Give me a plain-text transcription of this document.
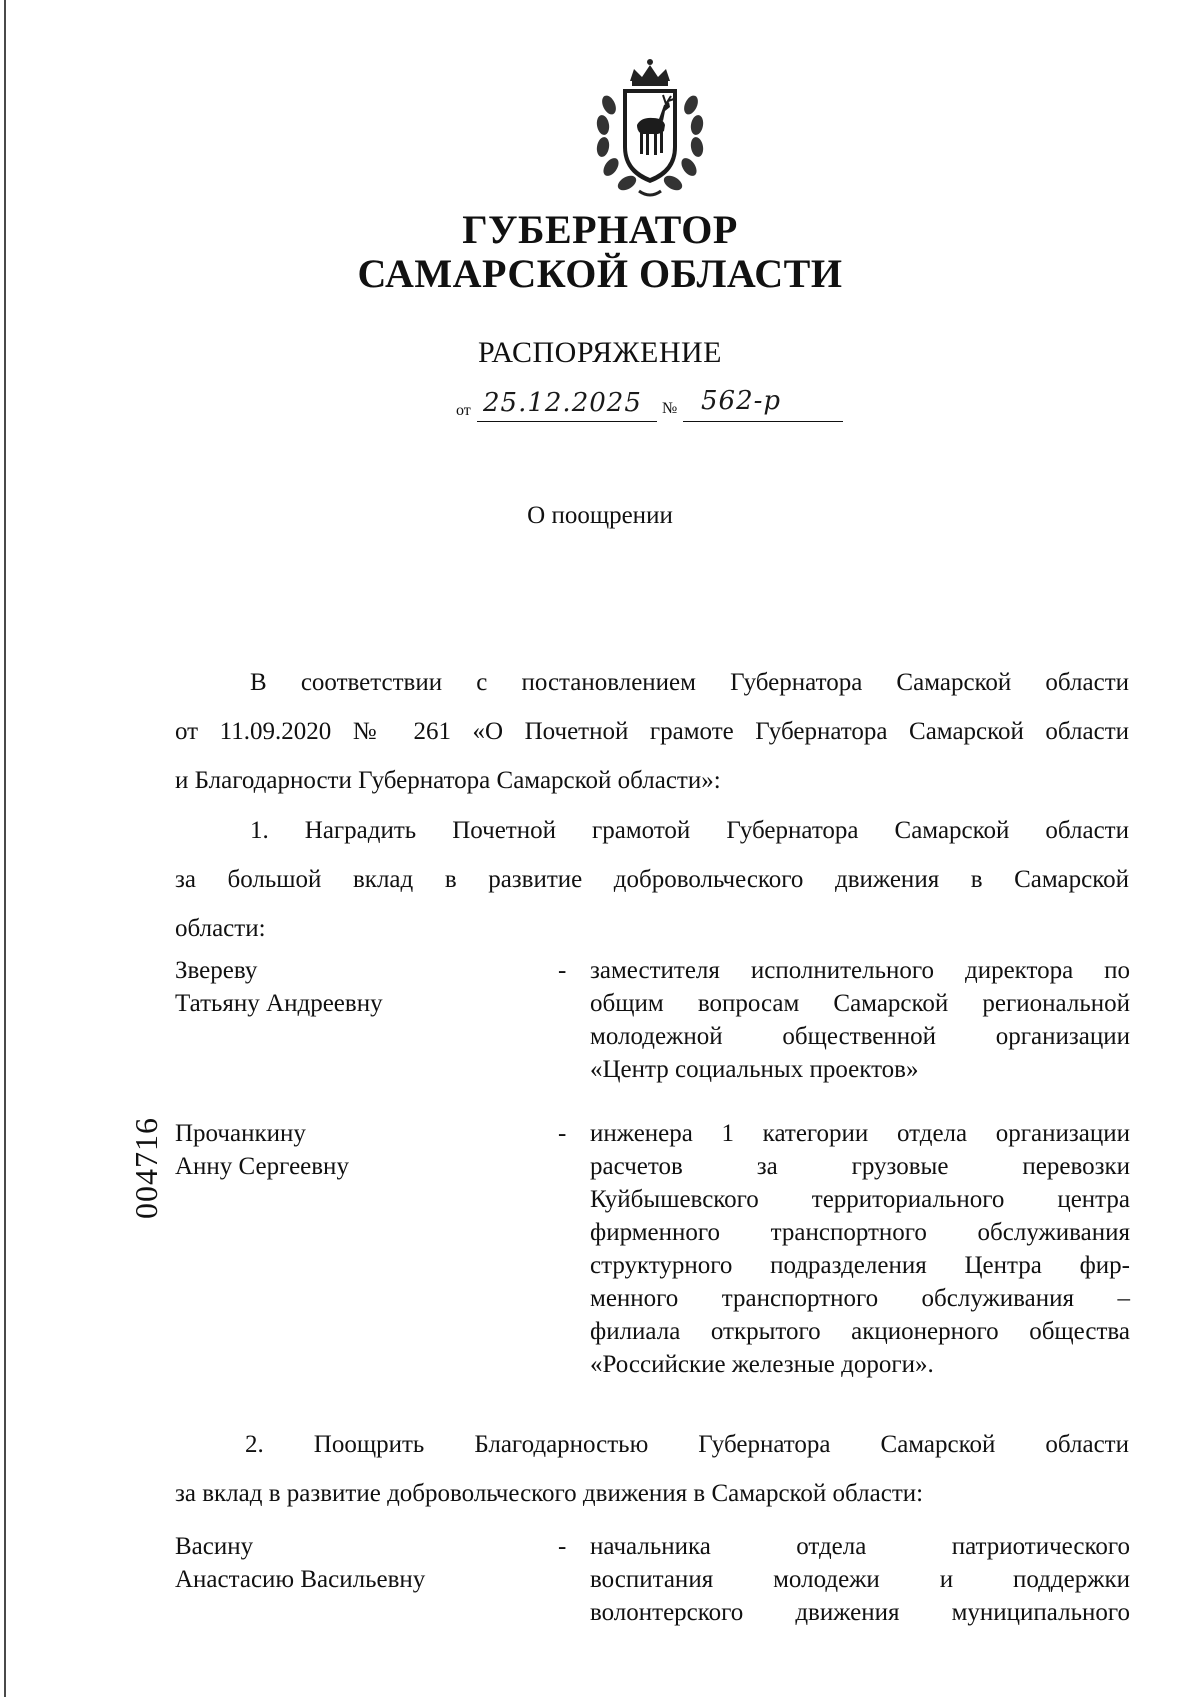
ГУБЕРНАТОР
САМАРСКОЙ ОБЛАСТИ
РАСПОРЯЖЕНИЕ
от 25.12.2025 № 562-р
О поощрении
В соответствии с постановлением Губернатора Самарской области
от 11.09.2020 № 261 «О Почетной грамоте Губернатора Самарской области
и Благодарности Губернатора Самарской области»:
1. Наградить Почетной грамотой Губернатора Самарской области
за большой вклад в развитие добровольческого движения в Самарской
области:
Звереву
Татьяну Андреевну
- заместителя исполнительного директора по
общим вопросам Самарской региональной
молодежной общественной организации
«Центр социальных проектов»
Прочанкину
Анну Сергеевну
- инженера 1 категории отдела организации
расчетов за грузовые перевозки
Куйбышевского территориального центра
фирменного транспортного обслуживания
структурного подразделения Центра фир-
менного транспортного обслуживания –
филиала открытого акционерного общества
«Российские железные дороги».
2. Поощрить Благодарностью Губернатора Самарской области
за вклад в развитие добровольческого движения в Самарской области:
Васину
Анастасию Васильевну
- начальника отдела патриотического
воспитания молодежи и поддержки
волонтерского движения муниципального
004716
